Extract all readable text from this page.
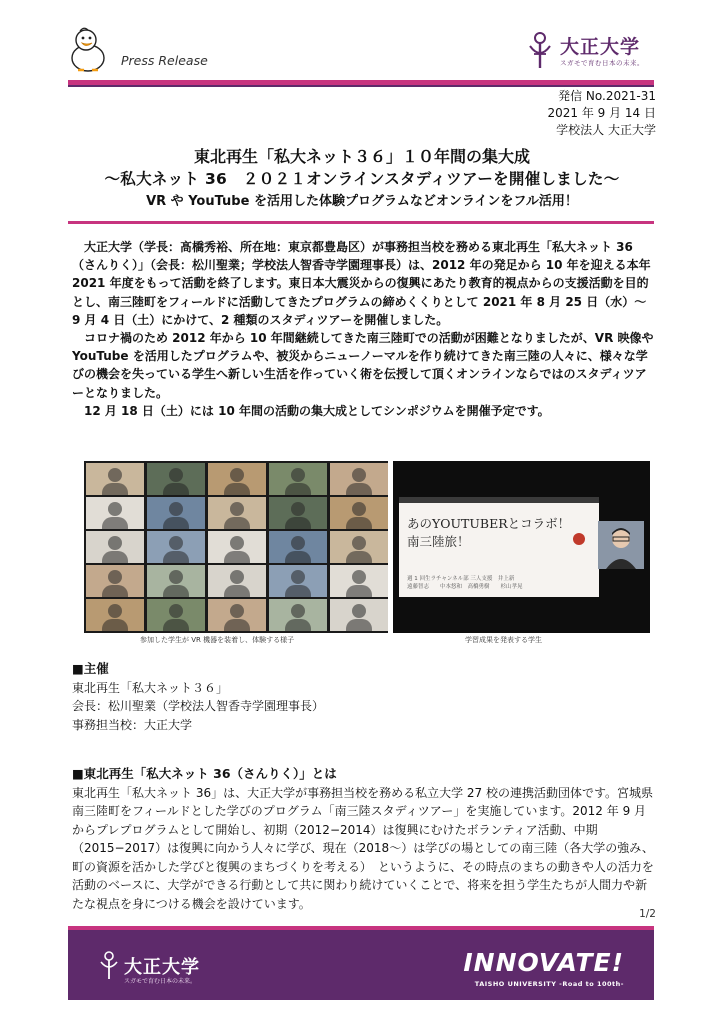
Press Release
大正大学
スガモで育む日本の未来。
発信 No.2021-31
2021 年 9 月 14 日
学校法人 大正大学
東北再生「私大ネット３６」１０年間の集大成
～私大ネット 36　２０２１オンラインスタディツアーを開催しました～
VR や YouTube を活用した体験プログラムなどオンラインをフル活用！

大正大学（学長：髙橋秀裕、所在地：東京都豊島区）が事務担当校を務める東北再生「私大ネット 36（さんりく）」（会長：松川聖業；学校法人智香寺学園理事長）は、2012 年の発足から 10 年を迎える本年 2021 年度をもって活動を終了します。東日本大震災からの復興にあたり教育的視点からの支援活動を目的とし、南三陸町をフィールドに活動してきたプログラムの締めくくりとして 2021 年 8 月 25 日（水）～9 月 4 日（土）にかけて、2 種類のスタディツアーを開催しました。

コロナ禍のため 2012 年から 10 年間継続してきた南三陸町での活動が困難となりましたが、VR 映像や YouTube を活用したプログラムや、被災からニューノーマルを作り続けてきた南三陸の人々に、様々な学びの機会を失っている学生へ新しい生活を作っていく術を伝授して頂くオンラインならではのスタディツアーとなりました。

12 月 18 日（土）には 10 年間の活動の集大成としてシンポジウムを開催予定です。

あのYOUTUBERとコラボ！
南三陸旅！
週 1 回生ラチャンネル部 三人支援　井上新　　遠藤智志　　中本悠和　高橋勇樹　　杉山孝晃
参加した学生が VR 機器を装着し、体験する様子	学習成果を発表する学生
■主催
東北再生「私大ネット３６」
会長：松川聖業（学校法人智香寺学園理事長）
事務担当校：大正大学
■東北再生「私大ネット 36（さんりく）」とは
東北再生「私大ネット 36」は、大正大学が事務担当校を務める私立大学 27 校の連携活動団体です。宮城県南三陸町をフィールドとした学びのプログラム「南三陸スタディツアー」を実施しています。2012 年 9 月からプレプログラムとして開始し、初期（2012−2014）は復興にむけたボランティア活動、中期（2015−2017）は復興に向かう人々に学び、現在（2018～）は学びの場としての南三陸（各大学の強み、町の資源を活かした学びと復興のまちづくりを考える）　というように、その時点のまちの動きや人の活力を活動のベースに、大学ができる行動として共に関わり続けていくことで、将来を担う学生たちが人間力や新たな視点を身につける機会を設けています。
1/2
大正大学
スガモで育む日本の未来。
INNOVATE!
TAISHO UNIVERSITY -Road to 100th-
